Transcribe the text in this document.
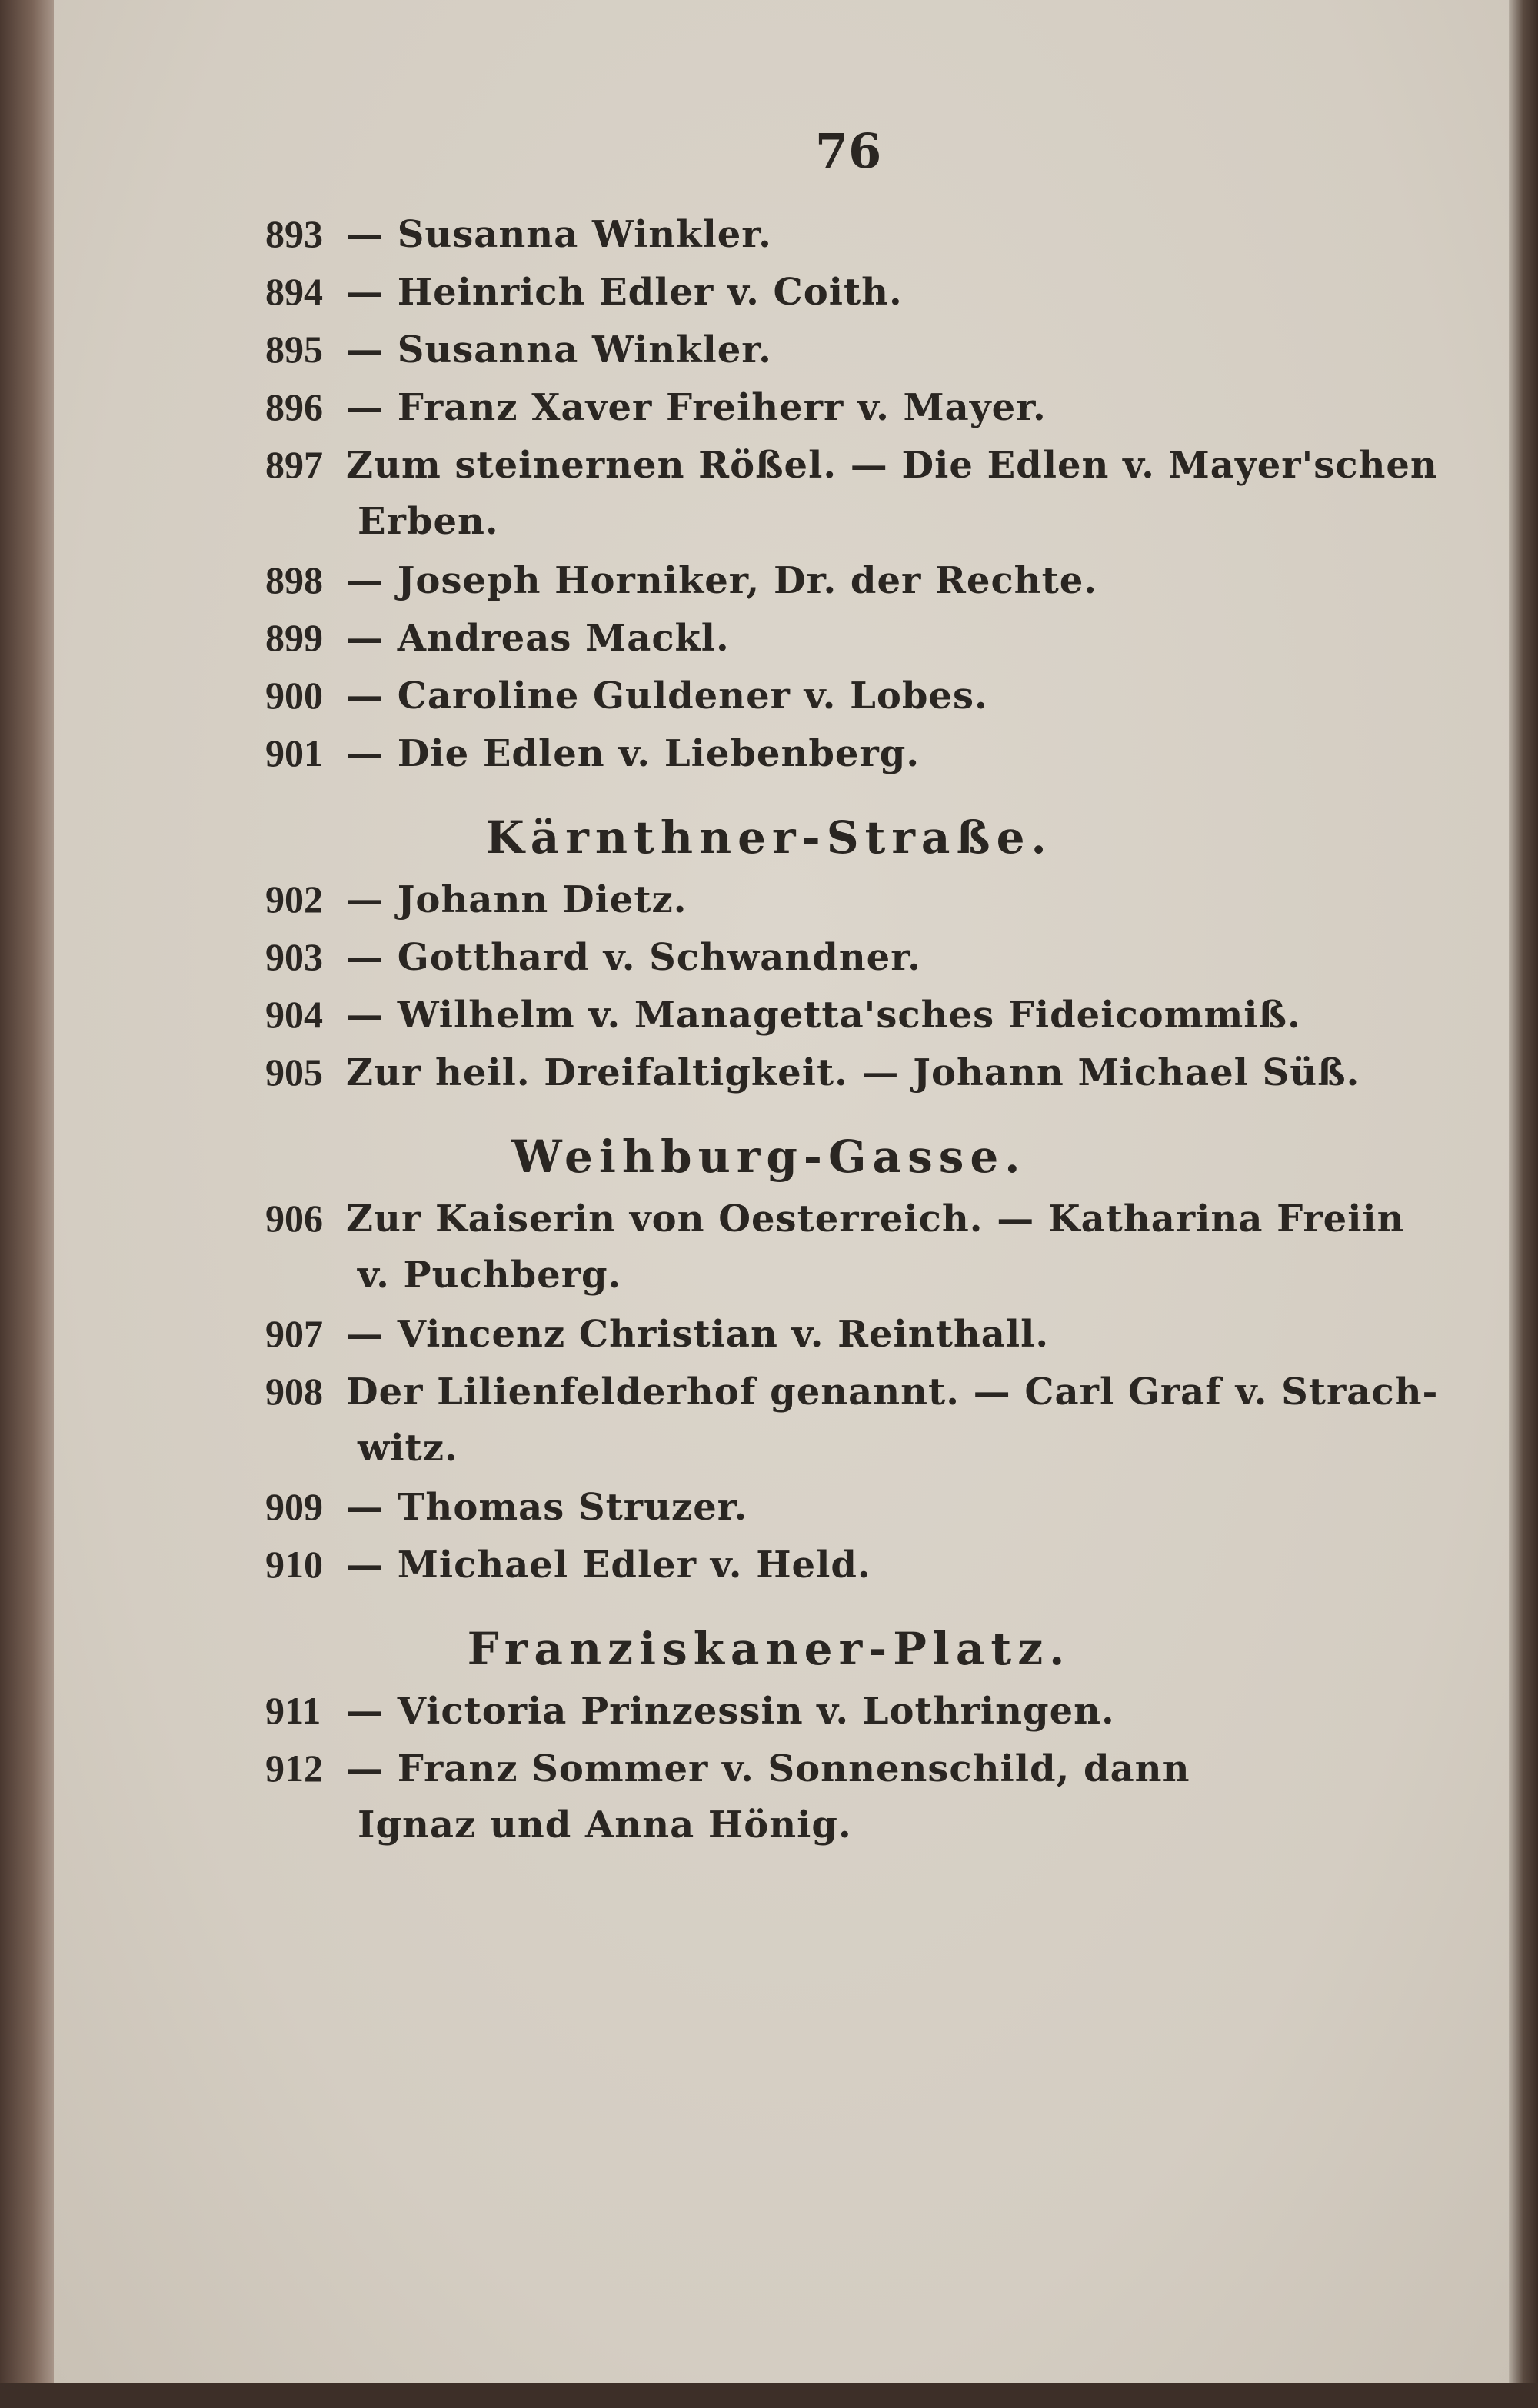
76
893 — Susanna Winkler.
894 — Heinrich Edler v. Coith.
895 — Susanna Winkler.
896 — Franz Xaver Freiherr v. Mayer.
897 Zum steinernen Rößel. — Die Edlen v. Mayer'schen
Erben.
898 — Joseph Horniker, Dr. der Rechte.
899 — Andreas Mackl.
900 — Caroline Guldener v. Lobes.
901 — Die Edlen v. Liebenberg.
Kärnthner-Straße.
902 — Johann Dietz.
903 — Gotthard v. Schwandner.
904 — Wilhelm v. Managetta'sches Fideicommiß.
905 Zur heil. Dreifaltigkeit. — Johann Michael Süß.
Weihburg-Gasse.
906 Zur Kaiserin von Oesterreich. — Katharina Freiin
v. Puchberg.
907 — Vincenz Christian v. Reinthall.
908 Der Lilienfelderhof genannt. — Carl Graf v. Strach-
witz.
909 — Thomas Struzer.
910 — Michael Edler v. Held.
Franziskaner-Platz.
911 — Victoria Prinzessin v. Lothringen.
912 — Franz Sommer v. Sonnenschild, dann
Ignaz und Anna Hönig.
